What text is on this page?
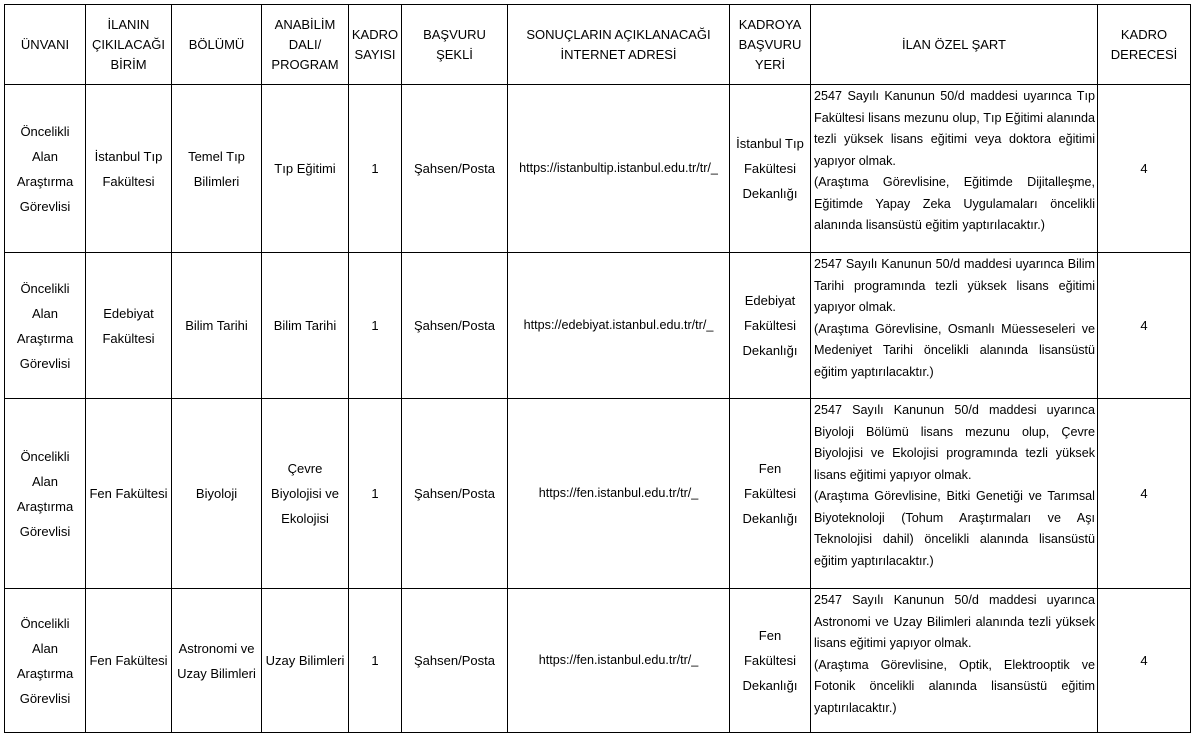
ÜNVANI	İLANIN ÇIKILACAĞI BİRİM	BÖLÜMÜ	ANABİLİM DALI/ PROGRAM	KADRO SAYISI	BAŞVURU ŞEKLİ	SONUÇLARIN AÇIKLANACAĞI İNTERNET ADRESİ	KADROYA BAŞVURU YERİ	İLAN ÖZEL ŞART	KADRO DERECESİ
Öncelikli Alan Araştırma Görevlisi	İstanbul Tıp Fakültesi	Temel Tıp Bilimleri	Tıp Eğitimi	1	Şahsen/Posta	https://istanbultip.istanbul.edu.tr/tr/_	İstanbul Tıp Fakültesi Dekanlığı	2547 Sayılı Kanunun 50/d maddesi uyarınca Tıp Fakültesi lisans mezunu olup, Tıp Eğitimi alanında tezli yüksek lisans eğitimi veya doktora eğitimi yapıyor olmak.

(Araştıma Görevlisine, Eğitimde Dijitalleşme, Eğitimde Yapay Zeka Uygulamaları öncelikli alanında lisansüstü eğitim yaptırılacaktır.)	4
Öncelikli Alan Araştırma Görevlisi	Edebiyat Fakültesi	Bilim Tarihi	Bilim Tarihi	1	Şahsen/Posta	https://edebiyat.istanbul.edu.tr/tr/_	Edebiyat Fakültesi Dekanlığı	2547 Sayılı Kanunun 50/d maddesi uyarınca Bilim Tarihi programında tezli yüksek lisans eğitimi yapıyor olmak.

(Araştıma Görevlisine, Osmanlı Müesseseleri ve Medeniyet Tarihi öncelikli alanında lisansüstü eğitim yaptırılacaktır.)	4
Öncelikli Alan Araştırma Görevlisi	Fen Fakültesi	Biyoloji	Çevre Biyolojisi ve Ekolojisi	1	Şahsen/Posta	https://fen.istanbul.edu.tr/tr/_	Fen Fakültesi Dekanlığı	2547 Sayılı Kanunun 50/d maddesi uyarınca Biyoloji Bölümü lisans mezunu olup, Çevre Biyolojisi ve Ekolojisi programında tezli yüksek lisans eğitimi yapıyor olmak.

(Araştıma Görevlisine, Bitki Genetiği ve Tarımsal Biyoteknoloji (Tohum Araştırmaları ve Aşı Teknolojisi dahil) öncelikli alanında lisansüstü eğitim yaptırılacaktır.)	4
Öncelikli Alan Araştırma Görevlisi	Fen Fakültesi	Astronomi ve Uzay Bilimleri	Uzay Bilimleri	1	Şahsen/Posta	https://fen.istanbul.edu.tr/tr/_	Fen Fakültesi Dekanlığı	2547 Sayılı Kanunun 50/d maddesi uyarınca Astronomi ve Uzay Bilimleri alanında tezli yüksek lisans eğitimi yapıyor olmak.

(Araştıma Görevlisine, Optik, Elektrooptik ve Fotonik öncelikli alanında lisansüstü eğitim yaptırılacaktır.)	4
